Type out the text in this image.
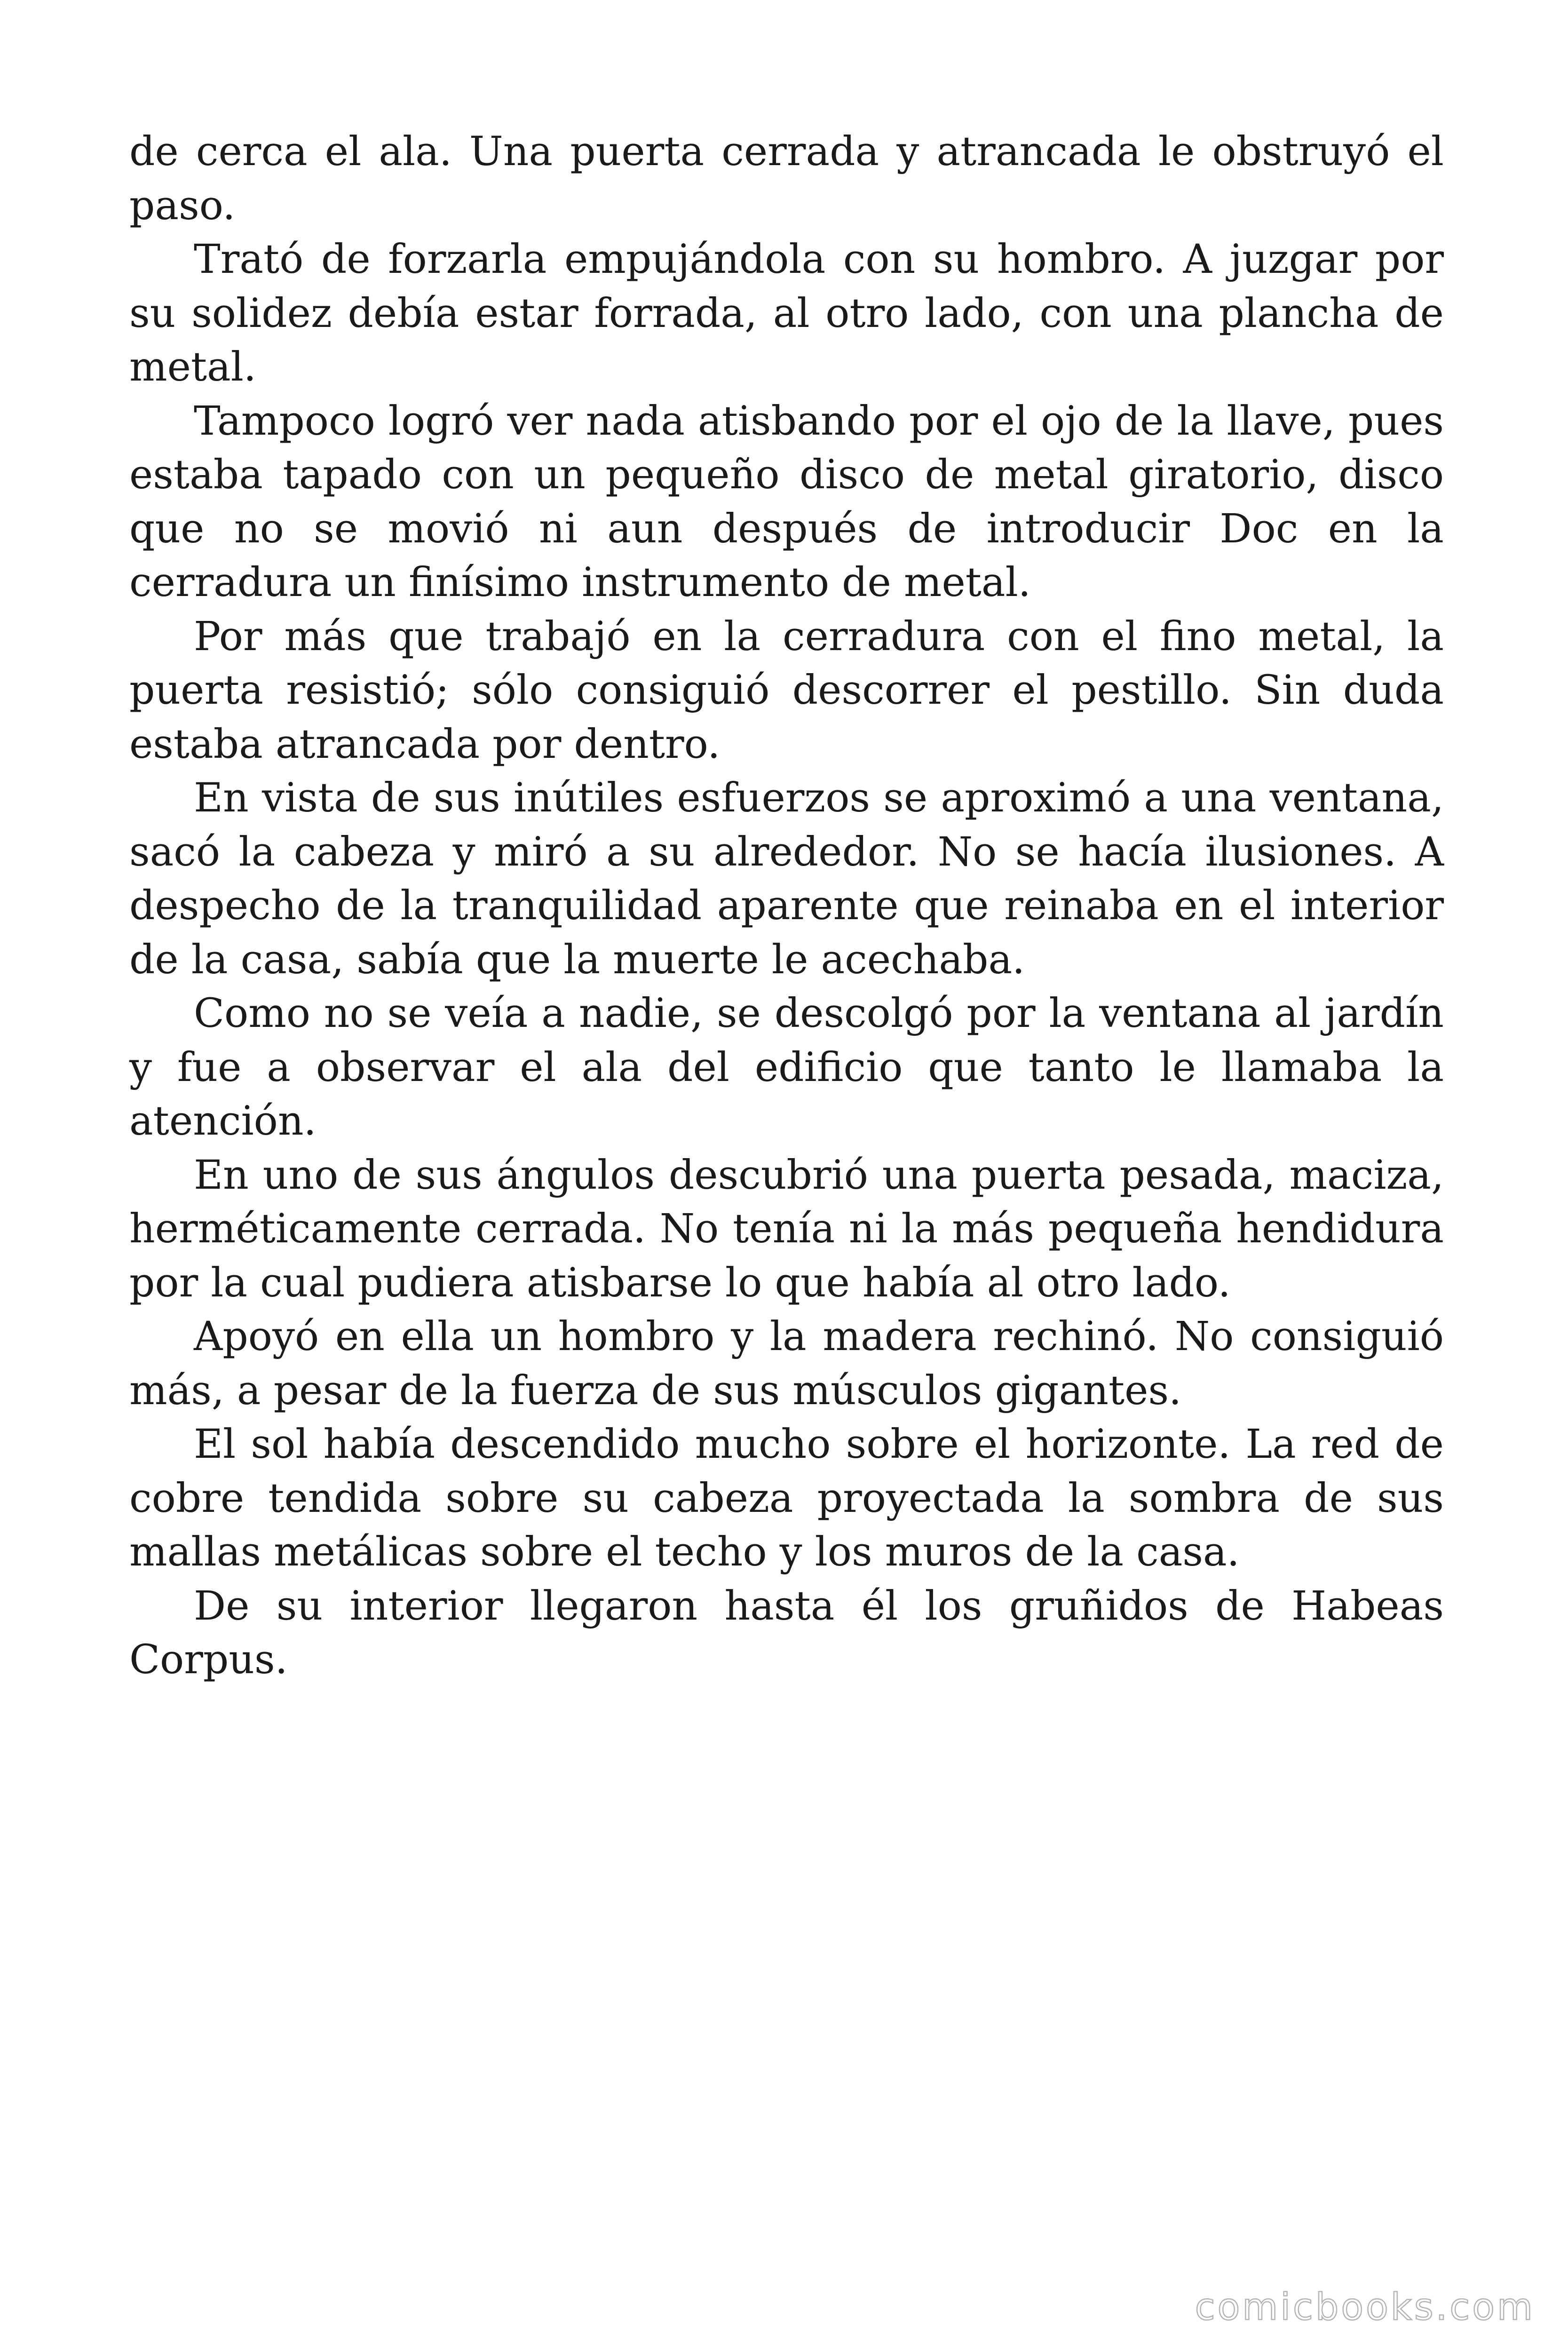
de cerca el ala. Una puerta cerrada y atrancada le obstruyó el paso.

Trató de forzarla empujándola con su hombro. A juzgar por su solidez debía estar forrada, al otro lado, con una plancha de metal.

Tampoco logró ver nada atisbando por el ojo de la llave, pues estaba tapado con un pequeño disco de metal giratorio, disco que no se movió ni aun después de introducir Doc en la cerradura un finísimo instrumento de metal.

Por más que trabajó en la cerradura con el fino metal, la puerta resistió; sólo consiguió descorrer el pestillo. Sin duda estaba atrancada por dentro.

En vista de sus inútiles esfuerzos se aproximó a una ventana, sacó la cabeza y miró a su alrededor. No se hacía ilusiones. A despecho de la tranquilidad aparente que reinaba en el interior de la casa, sabía que la muerte le acechaba.

Como no se veía a nadie, se descolgó por la ventana al jardín y fue a observar el ala del edificio que tanto le llamaba la atención.

En uno de sus ángulos descubrió una puerta pesada, maciza, herméticamente cerrada. No tenía ni la más pequeña hendidura por la cual pudiera atisbarse lo que había al otro lado.

Apoyó en ella un hombro y la madera rechinó. No consiguió más, a pesar de la fuerza de sus músculos gigantes.

El sol había descendido mucho sobre el horizonte. La red de cobre tendida sobre su cabeza proyectada la sombra de sus mallas metálicas sobre el techo y los muros de la casa.

De su interior llegaron hasta él los gruñidos de Habeas Corpus.

comicbooks.com
